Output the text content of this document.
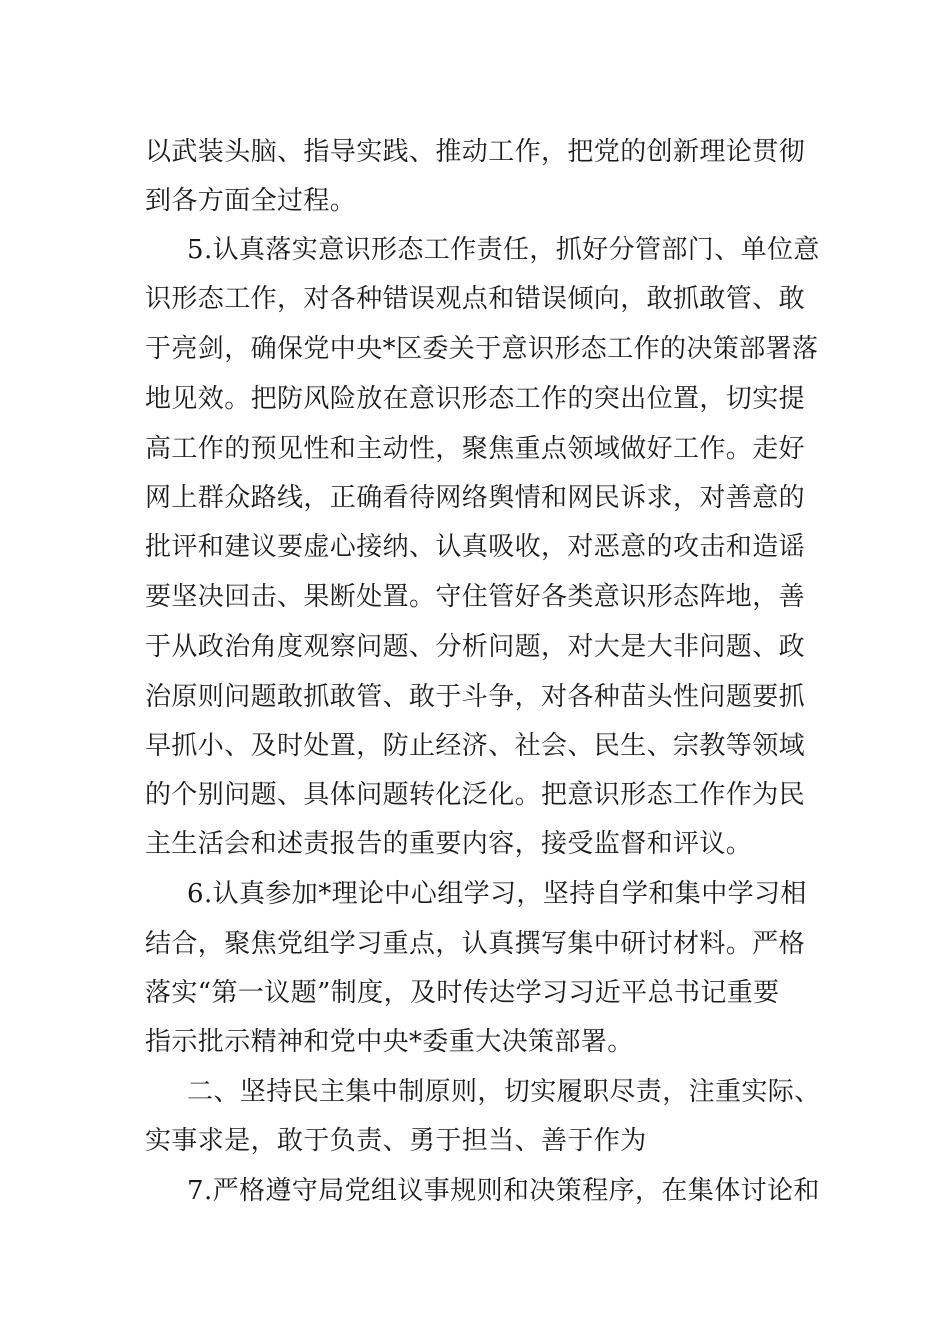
以武装头脑、指导实践、推动工作，把党的创新理论贯彻
到各方面全过程。
5.认真落实意识形态工作责任，抓好分管部门、单位意
识形态工作，对各种错误观点和错误倾向，敢抓敢管、敢
于亮剑，确保党中央*区委关于意识形态工作的决策部署落
地见效。把防风险放在意识形态工作的突出位置，切实提
高工作的预见性和主动性，聚焦重点领域做好工作。走好
网上群众路线，正确看待网络舆情和网民诉求，对善意的
批评和建议要虚心接纳、认真吸收，对恶意的攻击和造谣
要坚决回击、果断处置。守住管好各类意识形态阵地，善
于从政治角度观察问题、分析问题，对大是大非问题、政
治原则问题敢抓敢管、敢于斗争，对各种苗头性问题要抓
早抓小、及时处置，防止经济、社会、民生、宗教等领域
的个别问题、具体问题转化泛化。把意识形态工作作为民
主生活会和述责报告的重要内容，接受监督和评议。
6.认真参加*理论中心组学习，坚持自学和集中学习相
结合，聚焦党组学习重点，认真撰写集中研讨材料。严格
落实“第一议题”制度，及时传达学习习近平总书记重要
指示批示精神和党中央*委重大决策部署。
二、坚持民主集中制原则，切实履职尽责，注重实际、
实事求是，敢于负责、勇于担当、善于作为
7.严格遵守局党组议事规则和决策程序，在集体讨论和
